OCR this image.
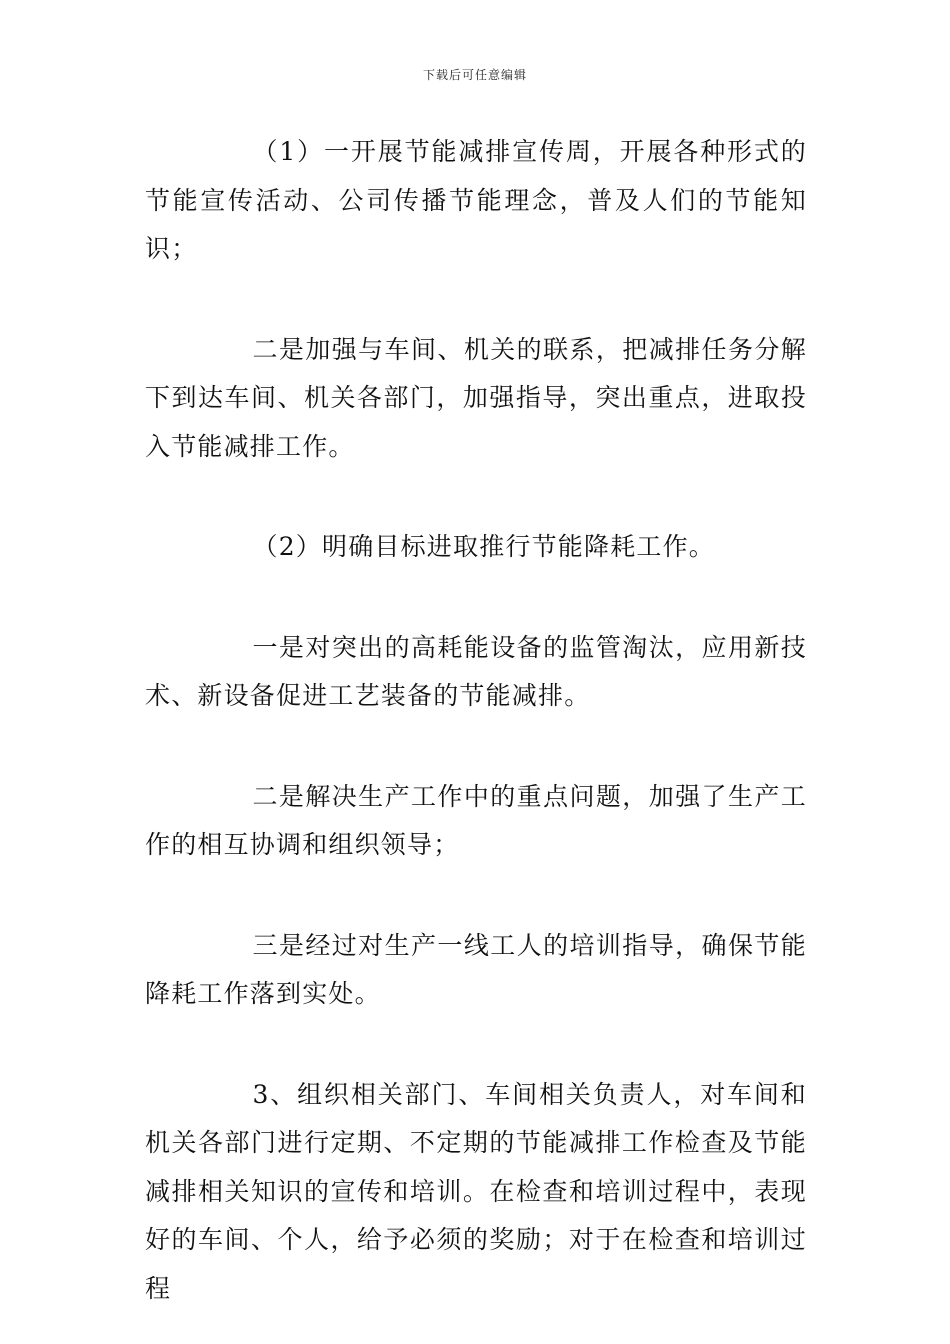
下载后可任意编辑

（1）一开展节能减排宣传周，开展各种形式的节能宣传活动、公司传播节能理念，普及人们的节能知识；

二是加强与车间、机关的联系，把减排任务分解下到达车间、机关各部门，加强指导，突出重点，进取投入节能减排工作。

（2）明确目标进取推行节能降耗工作。

一是对突出的高耗能设备的监管淘汰，应用新技术、新设备促进工艺装备的节能减排。

二是解决生产工作中的重点问题，加强了生产工作的相互协调和组织领导；

三是经过对生产一线工人的培训指导，确保节能降耗工作落到实处。

3、组织相关部门、车间相关负责人，对车间和机关各部门进行定期、不定期的节能减排工作检查及节能减排相关知识的宣传和培训。在检查和培训过程中，表现好的车间、个人，给予必须的奖励；对于在检查和培训过程
